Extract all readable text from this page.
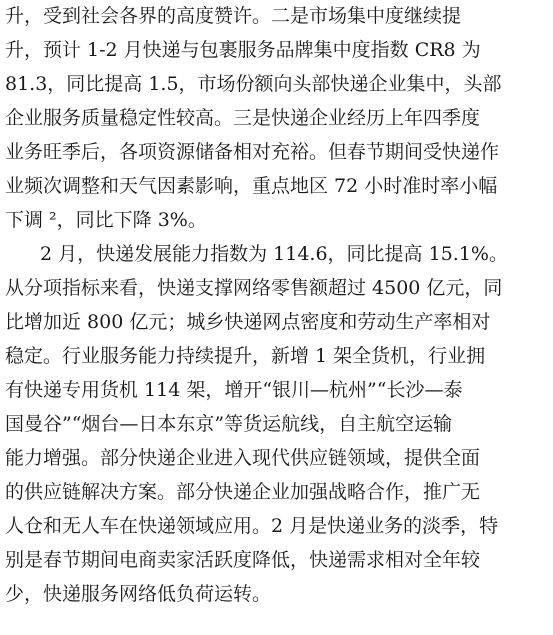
升，受到社会各界的高度赞许。二是市场集中度继续提
升，预计 1-2 月快递与包裹服务品牌集中度指数 CR8 为
81.3，同比提高 1.5，市场份额向头部快递企业集中，头部
企业服务质量稳定性较高。三是快递企业经历上年四季度
业务旺季后，各项资源储备相对充裕。但春节期间受快递作
业频次调整和天气因素影响，重点地区 72 小时准时率小幅
下调 ²，同比下降 3%。
2 月，快递发展能力指数为 114.6，同比提高 15.1%。
从分项指标来看，快递支撑网络零售额超过 4500 亿元，同
比增加近 800 亿元；城乡快递网点密度和劳动生产率相对
稳定。行业服务能力持续提升，新增 1 架全货机，行业拥
有快递专用货机 114 架，增开“银川—杭州”“长沙—泰
国曼谷”“烟台—日本东京”等货运航线，自主航空运输
能力增强。部分快递企业进入现代供应链领域，提供全面
的供应链解决方案。部分快递企业加强战略合作，推广无
人仓和无人车在快递领域应用。2 月是快递业务的淡季，特
别是春节期间电商卖家活跃度降低，快递需求相对全年较
少，快递服务网络低负荷运转。
